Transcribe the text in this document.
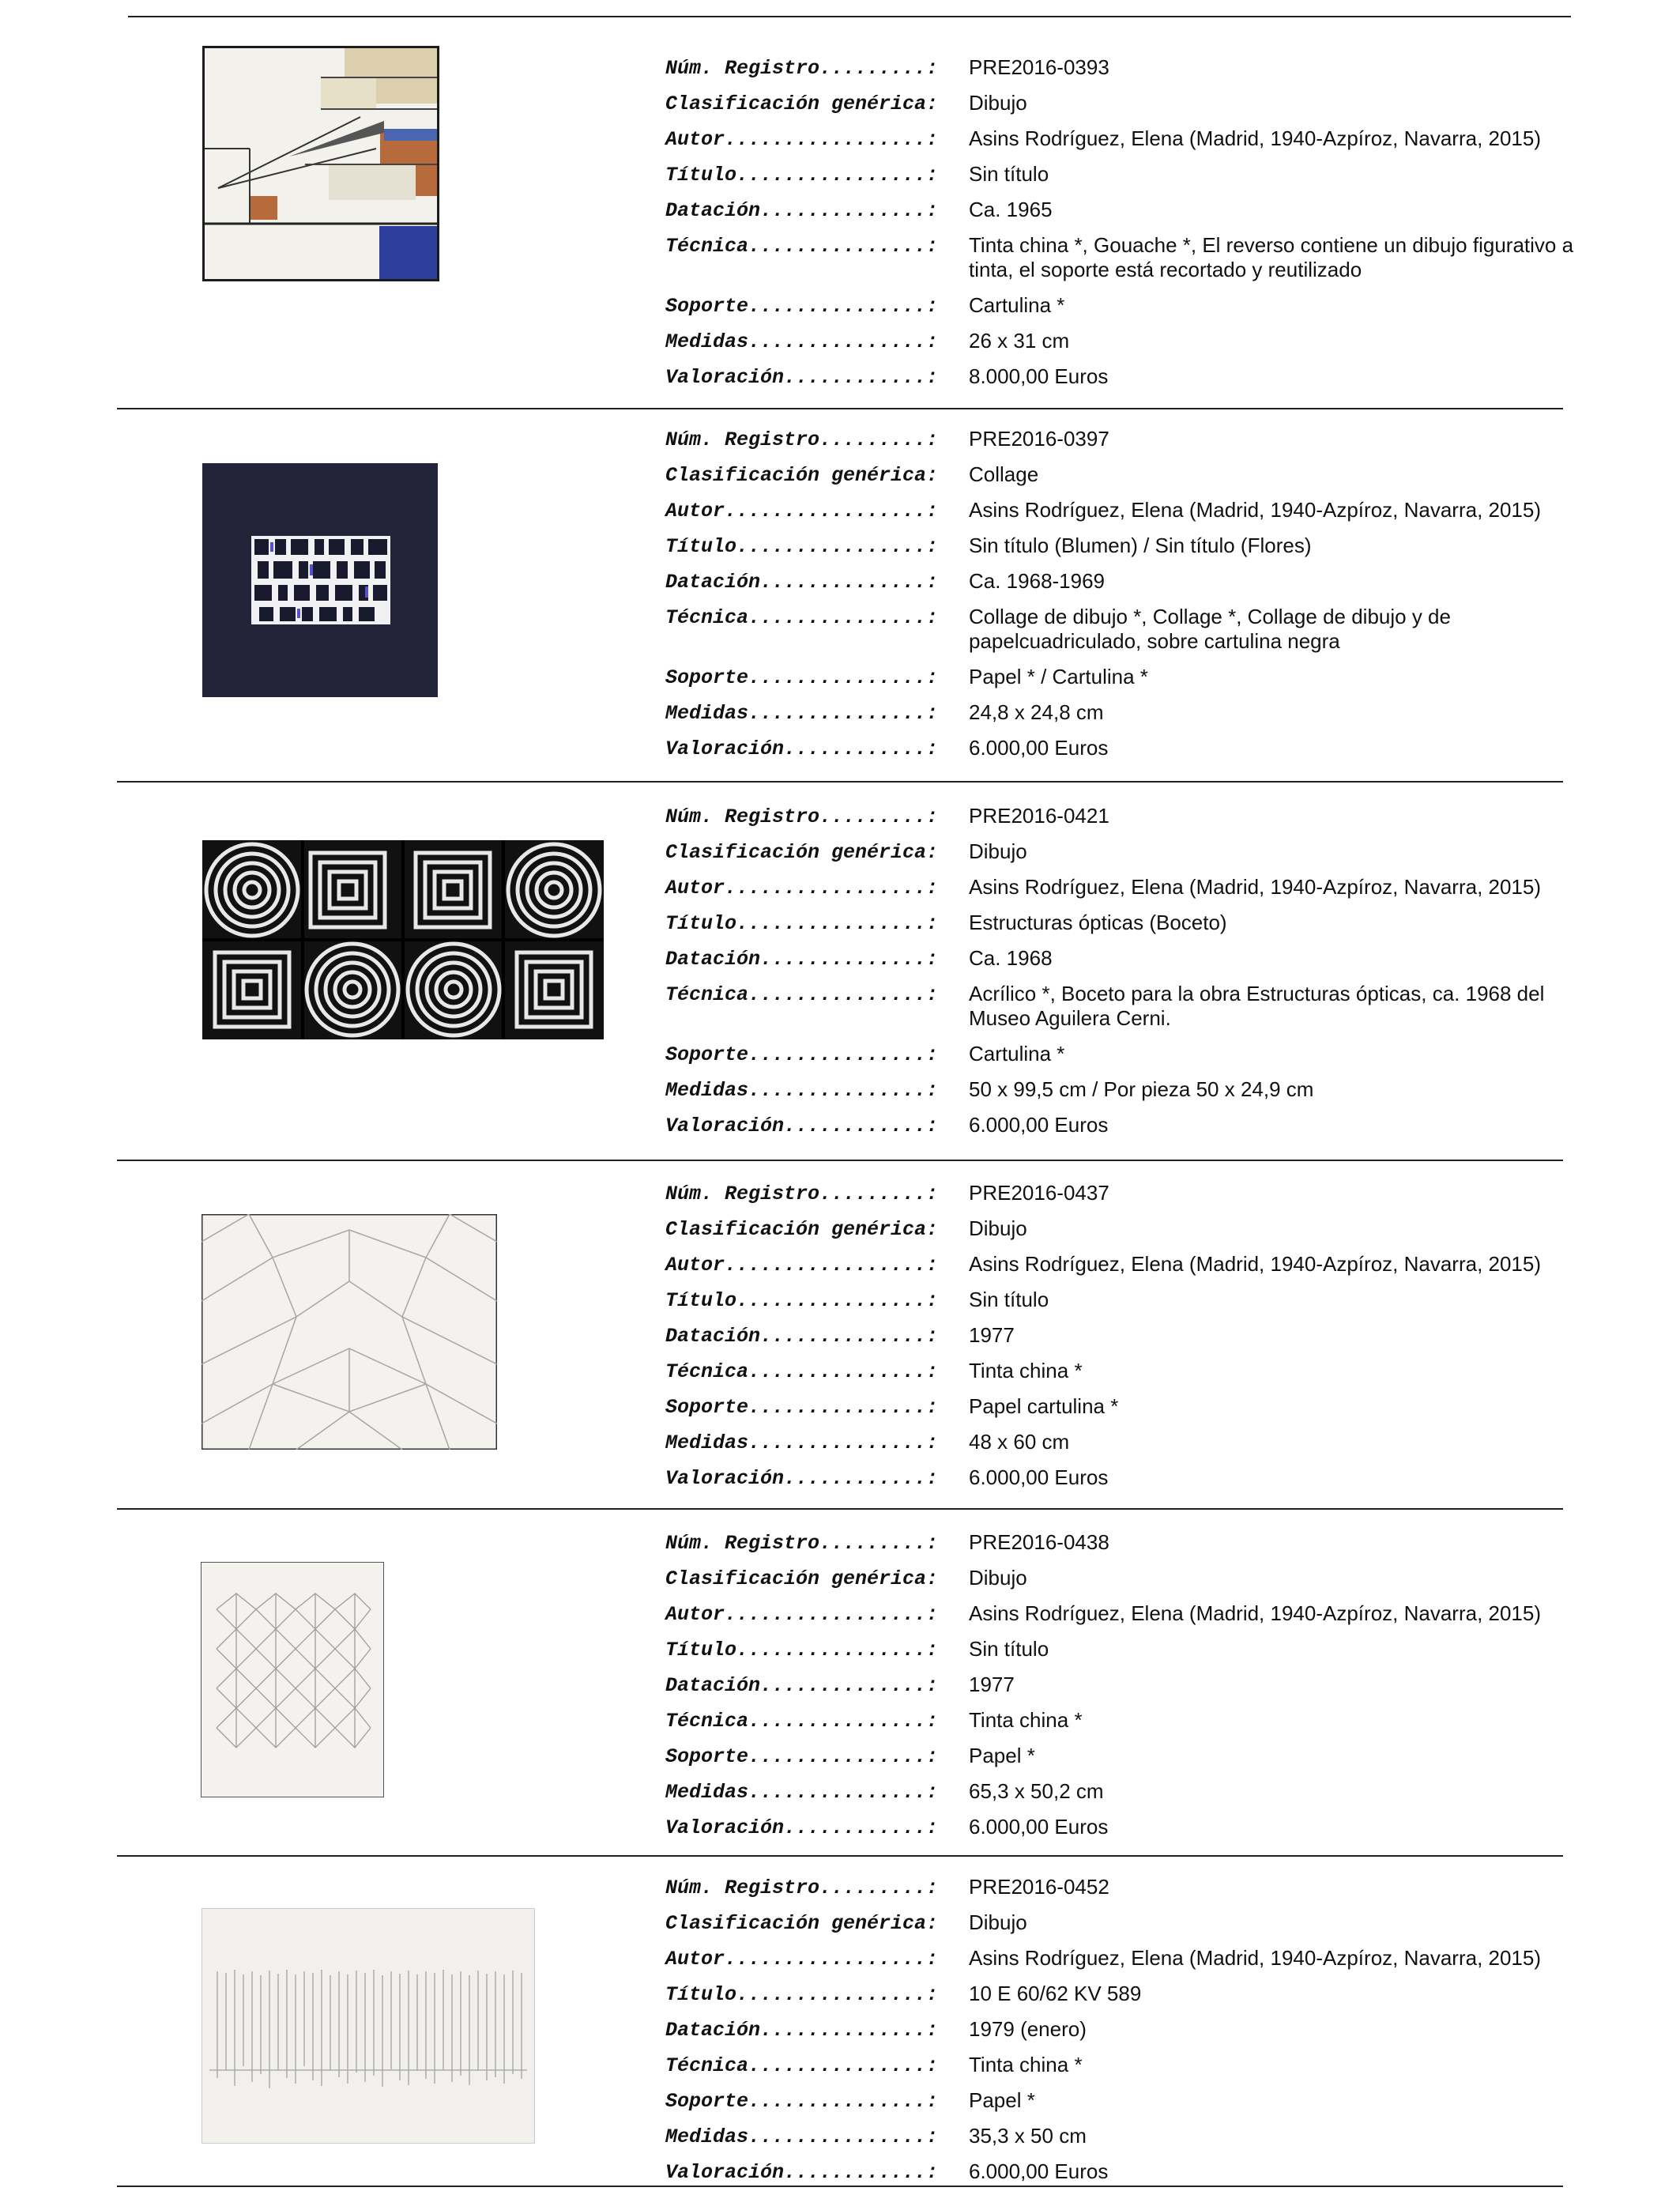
Núm. Registro.........:	PRE2016-0393
Clasificación genérica:	Dibujo
Autor.................:	Asins Rodríguez, Elena (Madrid, 1940-Azpíroz, Navarra, 2015)
Título................:	Sin título
Datación..............:	Ca. 1965
Técnica...............:	Tinta china *, Gouache *, El reverso contiene un dibujo figurativo a tinta, el soporte está recortado y reutilizado
Soporte...............:	Cartulina *
Medidas...............:	26 x 31 cm
Valoración............:	8.000,00 Euros
Núm. Registro.........:	PRE2016-0397
Clasificación genérica:	Collage
Autor.................:	Asins Rodríguez, Elena (Madrid, 1940-Azpíroz, Navarra, 2015)
Título................:	Sin título (Blumen) / Sin título (Flores)
Datación..............:	Ca. 1968-1969
Técnica...............:	Collage de dibujo *, Collage *, Collage de dibujo y de papelcuadriculado, sobre cartulina negra
Soporte...............:	Papel * / Cartulina *
Medidas...............:	24,8 x 24,8 cm
Valoración............:	6.000,00 Euros
Núm. Registro.........:	PRE2016-0421
Clasificación genérica:	Dibujo
Autor.................:	Asins Rodríguez, Elena (Madrid, 1940-Azpíroz, Navarra, 2015)
Título................:	Estructuras ópticas (Boceto)
Datación..............:	Ca. 1968
Técnica...............:	Acrílico *, Boceto para la obra Estructuras ópticas, ca. 1968 del Museo Aguilera Cerni.
Soporte...............:	Cartulina *
Medidas...............:	50 x 99,5 cm / Por pieza 50 x 24,9 cm
Valoración............:	6.000,00 Euros
Núm. Registro.........:	PRE2016-0437
Clasificación genérica:	Dibujo
Autor.................:	Asins Rodríguez, Elena (Madrid, 1940-Azpíroz, Navarra, 2015)
Título................:	Sin título
Datación..............:	1977
Técnica...............:	Tinta china *
Soporte...............:	Papel cartulina *
Medidas...............:	48 x 60 cm
Valoración............:	6.000,00 Euros
Núm. Registro.........:	PRE2016-0438
Clasificación genérica:	Dibujo
Autor.................:	Asins Rodríguez, Elena (Madrid, 1940-Azpíroz, Navarra, 2015)
Título................:	Sin título
Datación..............:	1977
Técnica...............:	Tinta china *
Soporte...............:	Papel *
Medidas...............:	65,3 x 50,2 cm
Valoración............:	6.000,00 Euros
Núm. Registro.........:	PRE2016-0452
Clasificación genérica:	Dibujo
Autor.................:	Asins Rodríguez, Elena (Madrid, 1940-Azpíroz, Navarra, 2015)
Título................:	10 E 60/62 KV 589
Datación..............:	1979 (enero)
Técnica...............:	Tinta china *
Soporte...............:	Papel *
Medidas...............:	35,3 x 50 cm
Valoración............:	6.000,00 Euros
